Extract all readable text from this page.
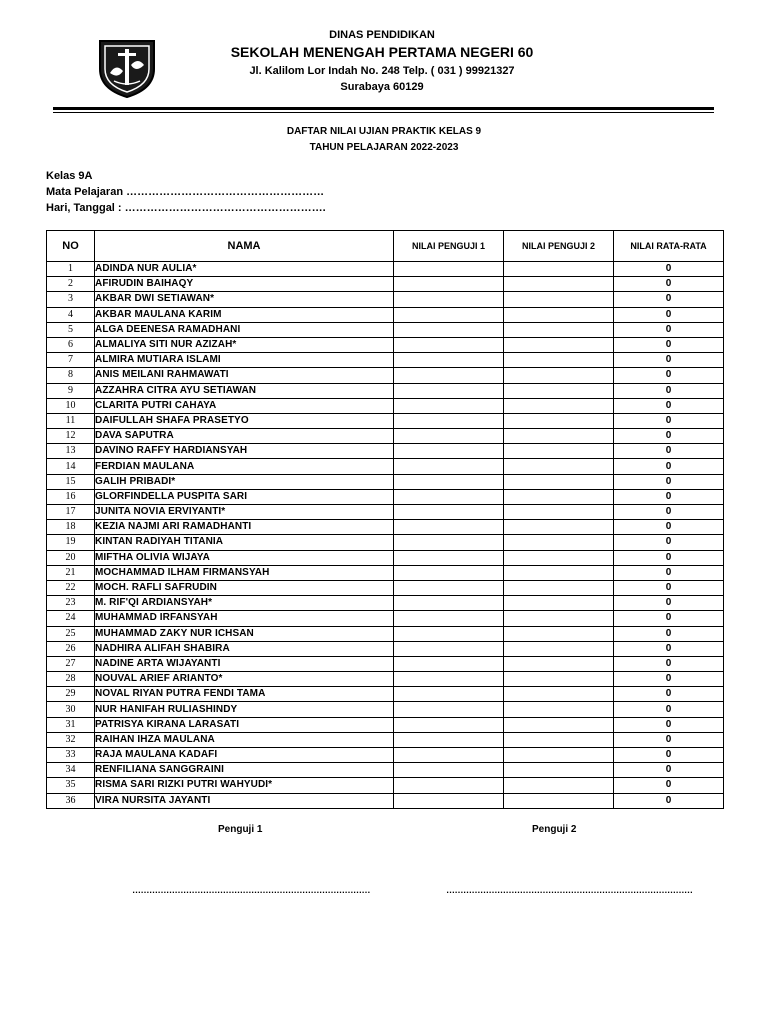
DINAS PENDIDIKAN
SEKOLAH MENENGAH PERTAMA NEGERI 60
Jl. Kalilom Lor Indah No. 248 Telp. ( 031 ) 99921327
Surabaya 60129
DAFTAR NILAI UJIAN PRAKTIK KELAS 9
TAHUN PELAJARAN 2022-2023
Kelas 9A
Mata Pelajaran ………………………………………………
Hari, Tanggal : ……………………………………………….
NO	NAMA	NILAI PENGUJI 1	NILAI PENGUJI 2	NILAI RATA-RATA
1	ADINDA NUR AULIA*			0
2	AFIRUDIN BAIHAQY			0
3	AKBAR DWI SETIAWAN*			0
4	AKBAR MAULANA KARIM			0
5	ALGA DEENESA RAMADHANI			0
6	ALMALIYA SITI NUR AZIZAH*			0
7	ALMIRA MUTIARA ISLAMI			0
8	ANIS MEILANI RAHMAWATI			0
9	AZZAHRA CITRA AYU SETIAWAN			0
10	CLARITA PUTRI CAHAYA			0
11	DAIFULLAH SHAFA PRASETYO			0
12	DAVA SAPUTRA			0
13	DAVINO RAFFY HARDIANSYAH			0
14	FERDIAN MAULANA			0
15	GALIH PRIBADI*			0
16	GLORFINDELLA PUSPITA SARI			0
17	JUNITA NOVIA ERVIYANTI*			0
18	KEZIA NAJMI ARI RAMADHANTI			0
19	KINTAN RADIYAH TITANIA			0
20	MIFTHA OLIVIA WIJAYA			0
21	MOCHAMMAD ILHAM FIRMANSYAH			0
22	MOCH. RAFLI SAFRUDIN			0
23	M. RIF'QI ARDIANSYAH*			0
24	MUHAMMAD IRFANSYAH			0
25	MUHAMMAD ZAKY NUR ICHSAN			0
26	NADHIRA ALIFAH SHABIRA			0
27	NADINE ARTA WIJAYANTI			0
28	NOUVAL ARIEF ARIANTO*			0
29	NOVAL RIYAN PUTRA FENDI TAMA			0
30	NUR HANIFAH RULIASHINDY			0
31	PATRISYA KIRANA LARASATI			0
32	RAIHAN IHZA MAULANA			0
33	RAJA MAULANA KADAFI			0
34	RENFILIANA SANGGRAINI			0
35	RISMA SARI RIZKI PUTRI WAHYUDI*			0
36	VIRA NURSITA JAYANTI			0
Penguji 1	Penguji 2
…………………………………………………………………………	……………………………………………………………………………
